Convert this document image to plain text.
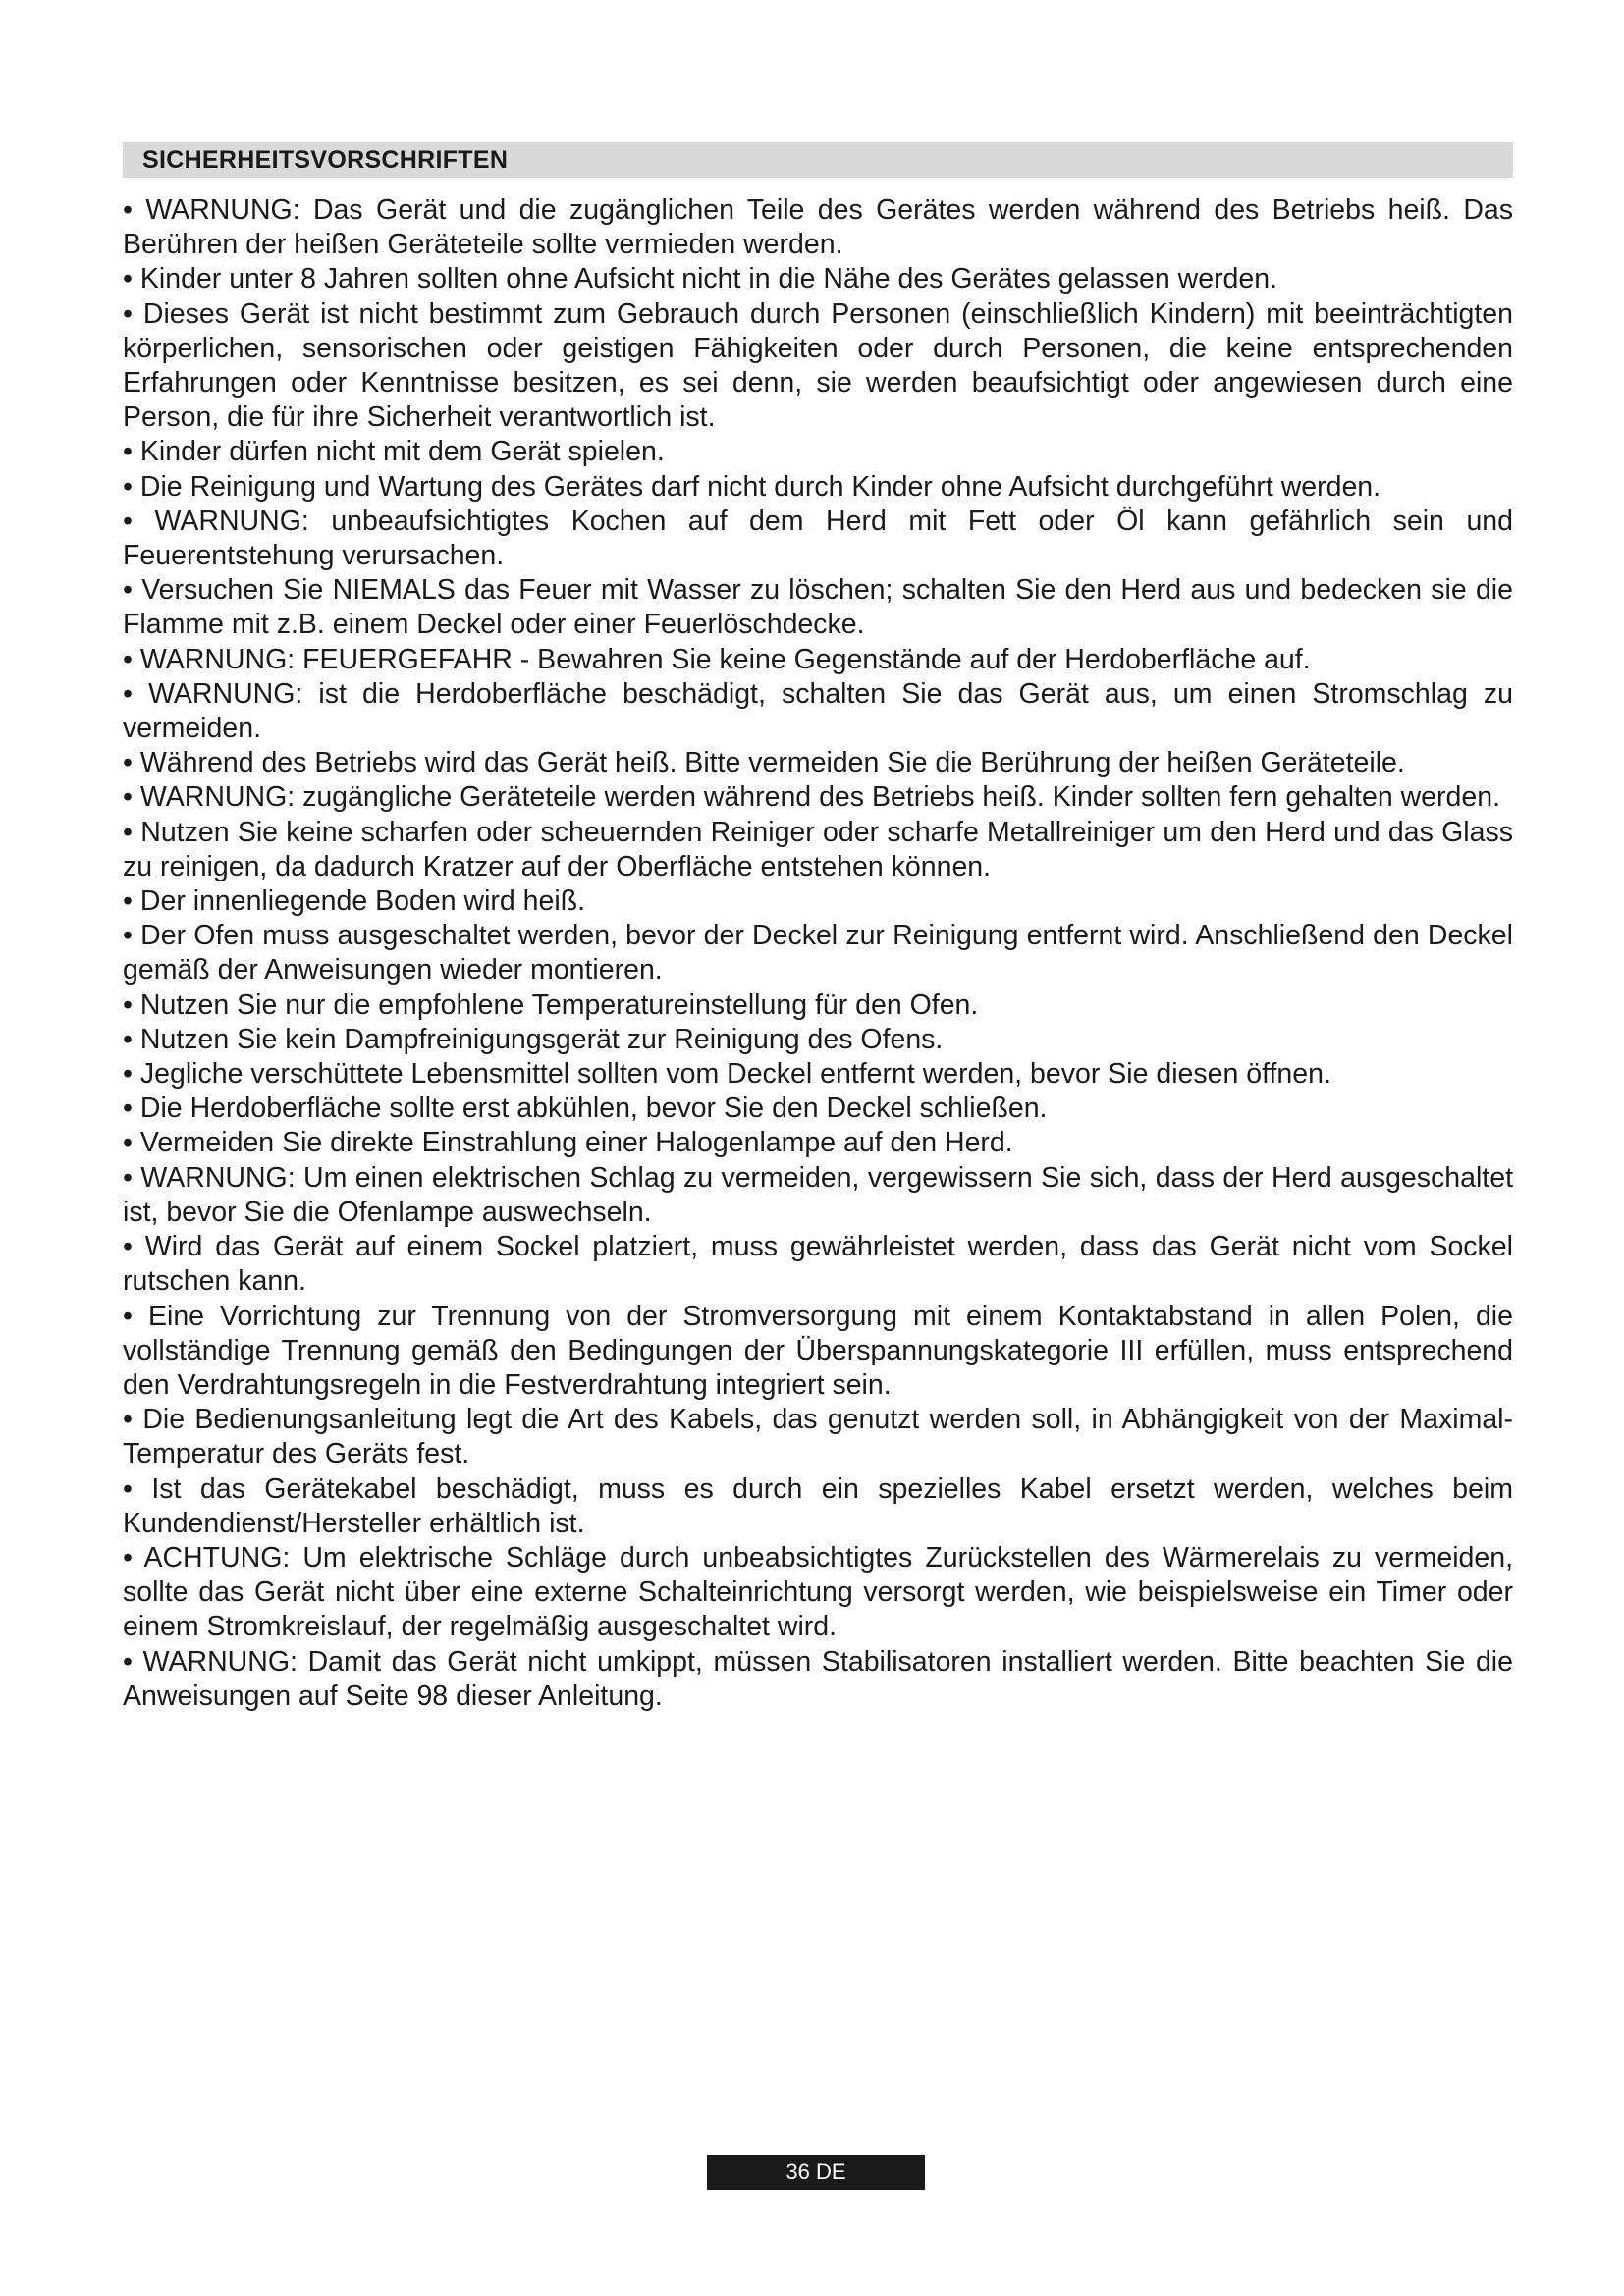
SICHERHEITSVORSCHRIFTEN

• WARNUNG: Das Gerät und die zugänglichen Teile des Gerätes werden während des Betriebs heiß. Das Berühren der heißen Geräteteile sollte vermieden werden.

• Kinder unter 8 Jahren sollten ohne Aufsicht nicht in die Nähe des Gerätes gelassen werden.

• Dieses Gerät ist nicht bestimmt zum Gebrauch durch Personen (einschließlich Kindern) mit beeinträchtigten körperlichen, sensorischen oder geistigen Fähigkeiten oder durch Personen, die keine entsprechenden Erfahrungen oder Kenntnisse besitzen, es sei denn, sie werden beaufsichtigt oder angewiesen durch eine Person, die für ihre Sicherheit verantwortlich ist.

• Kinder dürfen nicht mit dem Gerät spielen.

• Die Reinigung und Wartung des Gerätes darf nicht durch Kinder ohne Aufsicht durchgeführt werden.

• WARNUNG: unbeaufsichtigtes Kochen auf dem Herd mit Fett oder Öl kann gefährlich sein und Feuerentstehung verursachen.

• Versuchen Sie NIEMALS das Feuer mit Wasser zu löschen; schalten Sie den Herd aus und bedecken sie die Flamme mit z.B. einem Deckel oder einer Feuerlöschdecke.

• WARNUNG: FEUERGEFAHR - Bewahren Sie keine Gegenstände auf der Herdoberfläche auf.

• WARNUNG: ist die Herdoberfläche beschädigt, schalten Sie das Gerät aus, um einen Stromschlag zu vermeiden.

• Während des Betriebs wird das Gerät heiß. Bitte vermeiden Sie die Berührung der heißen Geräteteile.

• WARNUNG: zugängliche Geräteteile werden während des Betriebs heiß. Kinder sollten fern gehalten werden.

• Nutzen Sie keine scharfen oder scheuernden Reiniger oder scharfe Metallreiniger um den Herd und das Glass zu reinigen, da dadurch Kratzer auf der Oberfläche entstehen können.

• Der innenliegende Boden wird heiß.

• Der Ofen muss ausgeschaltet werden, bevor der Deckel zur Reinigung entfernt wird. Anschließend den Deckel gemäß der Anweisungen wieder montieren.

• Nutzen Sie nur die empfohlene Temperatureinstellung für den Ofen.

• Nutzen Sie kein Dampfreinigungsgerät zur Reinigung des Ofens.

• Jegliche verschüttete Lebensmittel sollten vom Deckel entfernt werden, bevor Sie diesen öffnen.

• Die Herdoberfläche sollte erst abkühlen, bevor Sie den Deckel schließen.

• Vermeiden Sie direkte Einstrahlung einer Halogenlampe auf den Herd.

• WARNUNG: Um einen elektrischen Schlag zu vermeiden, vergewissern Sie sich, dass der Herd ausgeschaltet ist, bevor Sie die Ofenlampe auswechseln.

• Wird das Gerät auf einem Sockel platziert, muss gewährleistet werden, dass das Gerät nicht vom Sockel rutschen kann.

• Eine Vorrichtung zur Trennung von der Stromversorgung mit einem Kontaktabstand in allen Polen, die vollständige Trennung gemäß den Bedingungen der Überspannungskategorie III erfüllen, muss entsprechend den Verdrahtungsregeln in die Festverdrahtung integriert sein.

• Die Bedienungsanleitung legt die Art des Kabels, das genutzt werden soll, in Abhängigkeit von der Maximal-Temperatur des Geräts fest.

• Ist das Gerätekabel beschädigt, muss es durch ein spezielles Kabel ersetzt werden, welches beim Kundendienst/Hersteller erhältlich ist.

• ACHTUNG: Um elektrische Schläge durch unbeabsichtigtes Zurückstellen des Wärmerelais zu vermeiden, sollte das Gerät nicht über eine externe Schalteinrichtung versorgt werden, wie beispielsweise ein Timer oder einem Stromkreislauf, der regelmäßig ausgeschaltet wird.

• WARNUNG: Damit das Gerät nicht umkippt, müssen Stabilisatoren installiert werden. Bitte beachten Sie die Anweisungen auf Seite 98 dieser Anleitung.

36 DE
